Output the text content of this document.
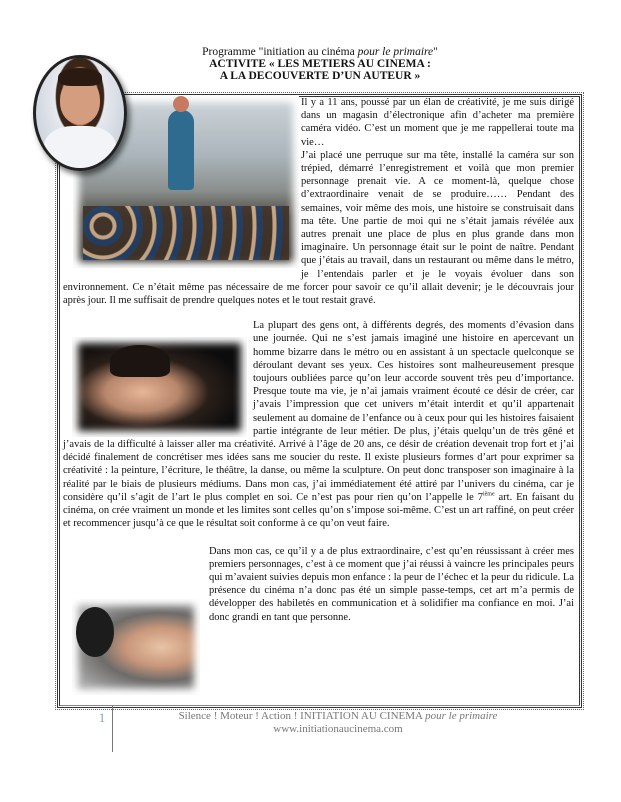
Programme "initiation au cinéma pour le primaire"
ACTIVITE « LES METIERS AU CINEMA :
A LA DECOUVERTE D’UN AUTEUR »

Il y a 11 ans, poussé par un élan de créativité, je me suis dirigé dans un magasin d’électronique afin d’acheter ma première caméra vidéo. C’est un moment que je me rappellerai toute ma vie…

J’ai placé une perruque sur ma tête, installé la caméra sur son trépied, démarré l’enregistrement et voilà que mon premier personnage prenait vie. A ce moment-là, quelque chose d’extraordinaire venait de se produire…… Pendant des semaines, voir même des mois, une histoire se construisait dans ma tête. Une partie de moi qui ne s’était jamais révélée aux autres prenait une place de plus en plus grande dans mon imaginaire. Un personnage était sur le point de naître. Pendant que j’étais au travail, dans un restaurant ou même dans le métro, je l’entendais parler et je le voyais évoluer dans son environnement. Ce n’était même pas nécessaire de me forcer pour savoir ce qu’il allait devenir; je le découvrais jour après jour. Il me suffisait de prendre quelques notes et le tout restait gravé.

La plupart des gens ont, à différents degrés, des moments d’évasion dans une journée. Qui ne s’est jamais imaginé une histoire en apercevant un homme bizarre dans le métro ou en assistant à un spectacle quelconque se déroulant devant ses yeux. Ces histoires sont malheureusement presque toujours oubliées parce qu’on leur accorde souvent très peu d’importance. Presque toute ma vie, je n’ai jamais vraiment écouté ce désir de créer, car j’avais l’impression que cet univers m’était interdit et qu’il appartenait seulement au domaine de l’enfance ou à ceux pour qui les histoires faisaient partie intégrante de leur métier. De plus, j’étais quelqu’un de très gêné et j’avais de la difficulté à laisser aller ma créativité. Arrivé à l’âge de 20 ans, ce désir de création devenait trop fort et j’ai décidé finalement de concrétiser mes idées sans me soucier du reste. Il existe plusieurs formes d’art pour exprimer sa créativité : la peinture, l’écriture, le théâtre, la danse, ou même la sculpture. On peut donc transposer son imaginaire à la réalité par le biais de plusieurs médiums. Dans mon cas, j’ai immédiatement été attiré par l’univers du cinéma, car je considère qu’il s’agit de l’art le plus complet en soi. Ce n’est pas pour rien qu’on l’appelle le 7ième art. En faisant du cinéma, on crée vraiment un monde et les limites sont celles qu’on s’impose soi-même. C’est un art raffiné, on peut créer et recommencer jusqu’à ce que le résultat soit conforme à ce qu’on veut faire.

Dans mon cas, ce qu’il y a de plus extraordinaire, c’est qu’en réussissant à créer mes premiers personnages, c’est à ce moment que j’ai réussi à vaincre les principales peurs qui m’avaient suivies depuis mon enfance : la peur de l’échec et la peur du ridicule. La présence du cinéma n’a donc pas été un simple passe-temps, cet art m’a permis de développer des habiletés en communication et à solidifier ma confiance en moi. J’ai donc grandi en tant que personne.

1	Silence ! Moteur ! Action ! INITIATION AU CINEMA pour le primaire
www.initiationaucinema.com
